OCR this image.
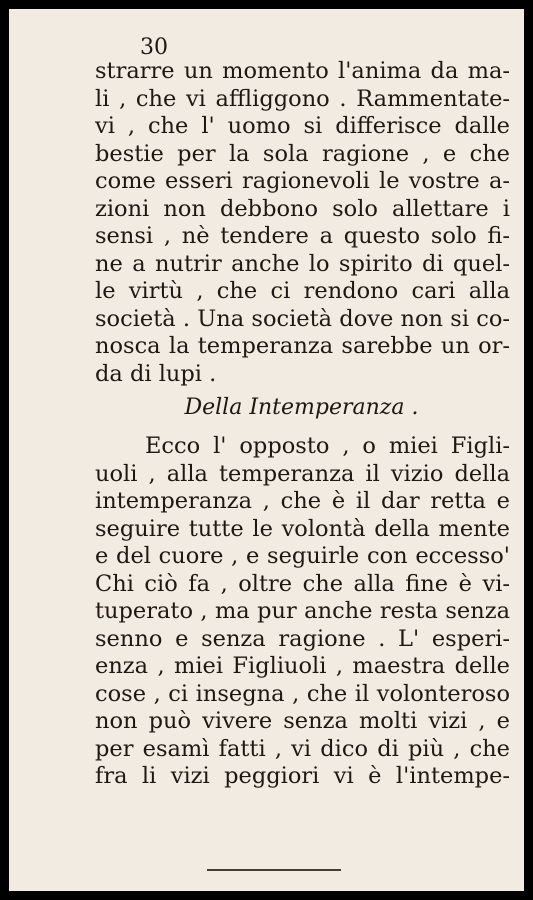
30
strarre un momento l'anima da ma-
li , che vi affliggono . Rammentate-
vi , che l' uomo si differisce dalle
bestie per la sola ragione , e che
come esseri ragionevoli le vostre a-
zioni non debbono solo allettare i
sensi , nè tendere a questo solo fi-
ne a nutrir anche lo spirito di quel-
le virtù , che ci rendono cari alla
società . Una società dove non si co-
nosca la temperanza sarebbe un or-
da di lupi .
Della Intemperanza .
Ecco l' opposto , o miei Figli-
uoli , alla temperanza il vizio della
intemperanza , che è il dar retta e
seguire tutte le volontà della mente
e del cuore , e seguirle con eccesso'
Chi ciò fa , oltre che alla fine è vi-
tuperato , ma pur anche resta senza
senno e senza ragione . L' esperi-
enza , miei Figliuoli , maestra delle
cose , ci insegna , che il volonteroso
non può vivere senza molti vizi , e
per esamì fatti , vi dico di più , che
fra li vizi peggiori vi è l'intempe-
